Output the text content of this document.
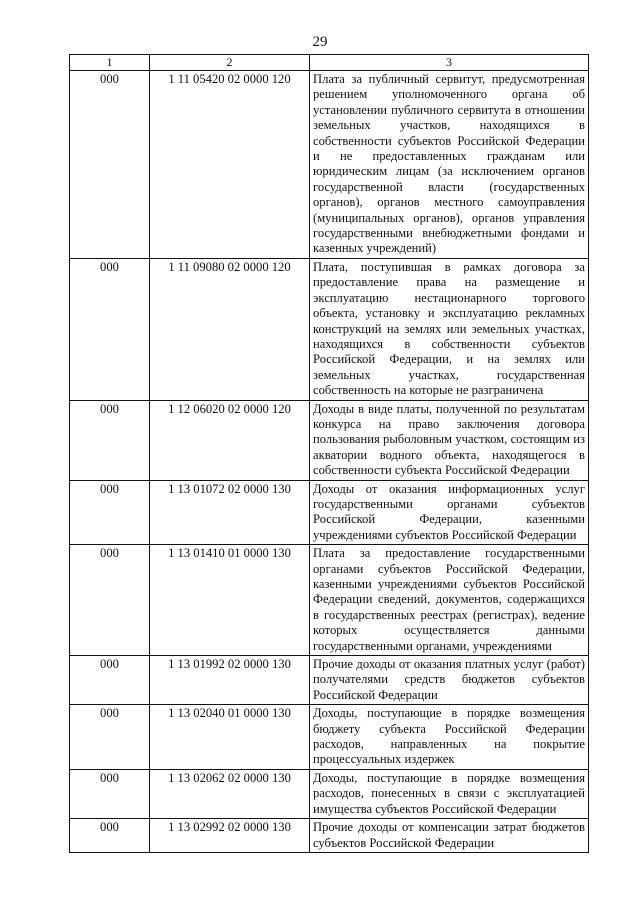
29
1	2	3
000	1 11 05420 02 0000 120	Плата за публичный сервитут, предусмотренная решением уполномоченного органа об установлении публичного сервитута в отношении земельных участков, находящихся в собственности субъектов Российской Федерации и не предоставленных гражданам или юридическим лицам (за исключением органов государственной власти (государственных органов), органов местного самоуправления (муниципальных органов), органов управления государственными внебюджетными фондами и казенных учреждений)
000	1 11 09080 02 0000 120	Плата, поступившая в рамках договора за предоставление права на размещение и эксплуатацию нестационарного торгового объекта, установку и эксплуатацию рекламных конструкций на землях или земельных участках, находящихся в собственности субъектов Российской Федерации, и на землях или земельных участках, государственная собственность на которые не разграничена
000	1 12 06020 02 0000 120	Доходы в виде платы, полученной по результатам конкурса на право заключения договора пользования рыболовным участком, состоящим из акватории водного объекта, находящегося в собственности субъекта Российской Федерации
000	1 13 01072 02 0000 130	Доходы от оказания информационных услуг государственными органами субъектов Российской Федерации, казенными учреждениями субъектов Российской Федерации
000	1 13 01410 01 0000 130	Плата за предоставление государственными органами субъектов Российской Федерации, казенными учреждениями субъектов Российской Федерации сведений, документов, содержащихся в государственных реестрах (регистрах), ведение которых осуществляется данными государственными органами, учреждениями
000	1 13 01992 02 0000 130	Прочие доходы от оказания платных услуг (работ) получателями средств бюджетов субъектов Российской Федерации
000	1 13 02040 01 0000 130	Доходы, поступающие в порядке возмещения бюджету субъекта Российской Федерации расходов, направленных на покрытие процессуальных издержек
000	1 13 02062 02 0000 130	Доходы, поступающие в порядке возмещения расходов, понесенных в связи с эксплуатацией имущества субъектов Российской Федерации
000	1 13 02992 02 0000 130	Прочие доходы от компенсации затрат бюджетов субъектов Российской Федерации
